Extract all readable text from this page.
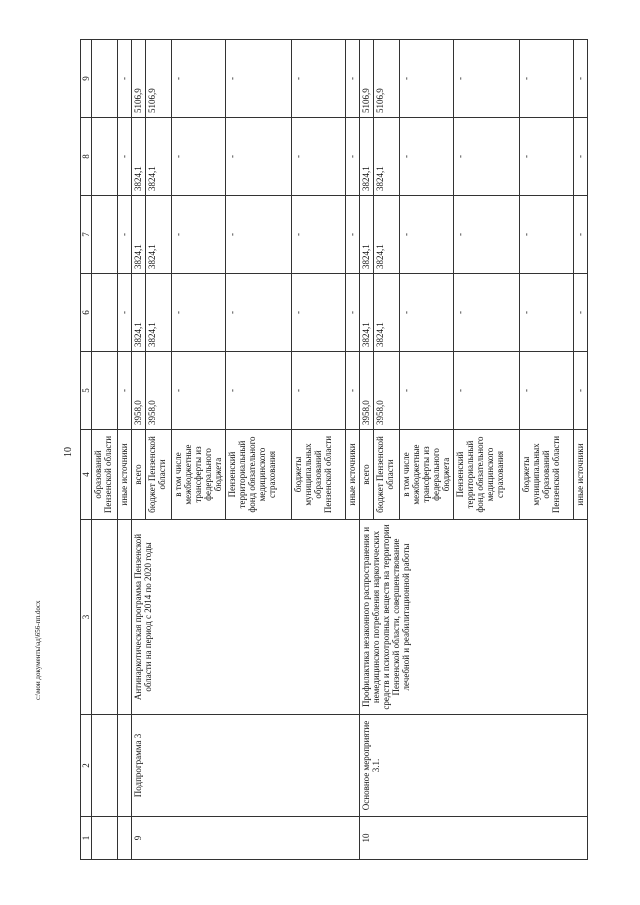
10
1	2	3	4	5	6	7	8	9

			образований Пензенской области					

			иные источники	-	-	-	-	-
9	Подпрограмма 3	Антинаркотическая программа Пензенской области на период с 2014 по 2020 годы	всего	3958,0	3824,1	3824,1	3824,1	5106,9
			бюджет Пензенской области	3958,0	3824,1	3824,1	3824,1	5106,9
			в том числе межбюджетные трансферты из федерального бюджета	-	-	-	-	-
			Пензенский территориальный фонд обязательного медицинского страхования	-	-	-	-	-
			бюджеты муниципальных образований Пензенской области	-	-	-	-	-
			иные источники	-	-	-	-	-
10	Основное мероприятие 3.1.	Профилактика незаконного распространения и немедицинского потребления наркотических средств и психотропных веществ на территории Пензенской области, совершенствование лечебной и реабилитационной работы	всего	3958,0	3824,1	3824,1	3824,1	5106,9
			бюджет Пензенской области	3958,0	3824,1	3824,1	3824,1	5106,9
			в том числе межбюджетные трансферты из федерального бюджета	-	-	-	-	-
			Пензенский территориальный фонд обязательного медицинского страхования	-	-	-	-	-
			бюджеты муниципальных образований Пензенской области	-	-	-	-	-
			иные источники	-	-	-	-	-
c:\мои документы\ад\656-пп.docx
